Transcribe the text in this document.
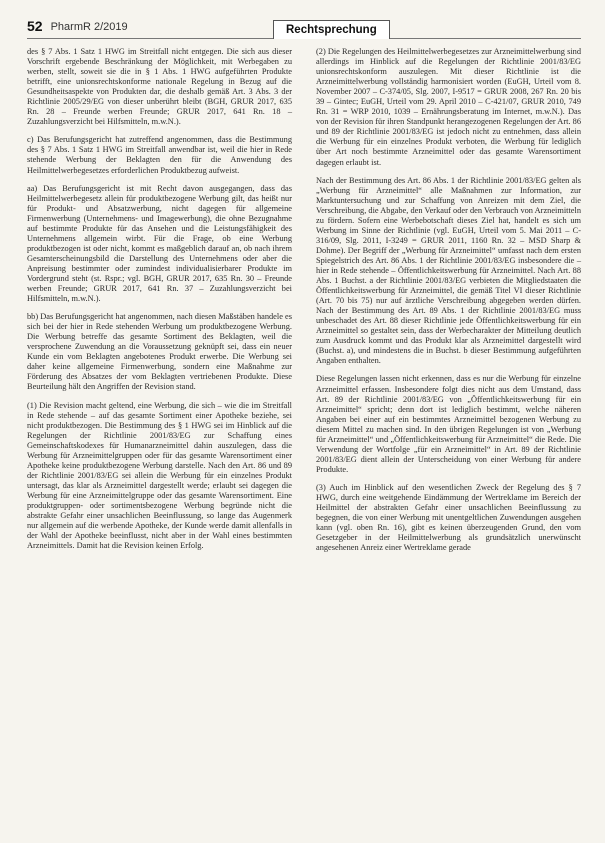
52 PharmR 2/2019	Rechtsprechung

des § 7 Abs. 1 Satz 1 HWG im Streitfall nicht entgegen. Die sich aus dieser Vorschrift ergebende Beschränkung der Möglichkeit, mit Werbegaben zu werben, stellt, soweit sie die in § 1 Abs. 1 HWG aufgeführten Produkte betrifft, eine unionsrechtskonforme nationale Regelung in Bezug auf die Gesundheitsaspekte von Produkten dar, die deshalb gemäß Art. 3 Abs. 3 der Richtlinie 2005/29/EG von dieser unberührt bleibt (BGH, GRUR 2017, 635 Rn. 28 – Freunde werben Freunde; GRUR 2017, 641 Rn. 18 – Zuzahlungsverzicht bei Hilfsmitteln, m.w.N.).

c) Das Berufungsgericht hat zutreffend angenommen, dass die Bestimmung des § 7 Abs. 1 Satz 1 HWG im Streitfall anwendbar ist, weil die hier in Rede stehende Werbung der Beklagten den für die Anwendung des Heilmittelwerbegesetzes erforderlichen Produktbezug aufweist.

aa) Das Berufungsgericht ist mit Recht davon ausgegangen, dass das Heilmittelwerbegesetz allein für produktbezogene Werbung gilt, das heißt nur für Produkt- und Absatzwerbung, nicht dagegen für allgemeine Firmenwerbung (Unternehmens- und Imagewerbung), die ohne Bezugnahme auf bestimmte Produkte für das Ansehen und die Leistungsfähigkeit des Unternehmens allgemein wirbt. Für die Frage, ob eine Werbung produktbezogen ist oder nicht, kommt es maßgeblich darauf an, ob nach ihrem Gesamterscheinungsbild die Darstellung des Unternehmens oder aber die Anpreisung bestimmter oder zumindest individualisierbarer Produkte im Vordergrund steht (st. Rspr.; vgl. BGH, GRUR 2017, 635 Rn. 30 – Freunde werben Freunde; GRUR 2017, 641 Rn. 37 – Zuzahlungsverzicht bei Hilfsmitteln, m.w.N.).

bb) Das Berufungsgericht hat angenommen, nach diesen Maßstäben handele es sich bei der hier in Rede stehenden Werbung um produktbezogene Werbung. Die Werbung betreffe das gesamte Sortiment des Beklagten, weil die versprochene Zuwendung an die Voraussetzung geknüpft sei, dass ein neuer Kunde ein vom Beklagten angebotenes Produkt erwerbe. Die Werbung sei daher keine allgemeine Firmenwerbung, sondern eine Maßnahme zur Förderung des Absatzes der vom Beklagten vertriebenen Produkte. Diese Beurteilung hält den Angriffen der Revision stand.

(1) Die Revision macht geltend, eine Werbung, die sich – wie die im Streitfall in Rede stehende – auf das gesamte Sortiment einer Apotheke beziehe, sei nicht produktbezogen. Die Bestimmung des § 1 HWG sei im Hinblick auf die Regelungen der Richtlinie 2001/83/EG zur Schaffung eines Gemeinschaftskodexes für Humanarzneimittel dahin auszulegen, dass die Werbung für Arzneimittelgruppen oder für das gesamte Warensortiment einer Apotheke keine produktbezogene Werbung darstelle. Nach den Art. 86 und 89 der Richtlinie 2001/83/EG sei allein die Werbung für ein einzelnes Produkt untersagt, das klar als Arzneimittel dargestellt werde; erlaubt sei dagegen die Werbung für eine Arzneimittelgruppe oder das gesamte Warensortiment. Eine produktgruppen- oder sortimentsbezogene Werbung begründe nicht die abstrakte Gefahr einer unsachlichen Beeinflussung, so lange das Augenmerk nur allgemein auf die werbende Apotheke, der Kunde werde damit allenfalls in der Wahl der Apotheke beeinflusst, nicht aber in der Wahl eines bestimmten Arzneimittels. Damit hat die Revision keinen Erfolg.

(2) Die Regelungen des Heilmittelwerbegesetzes zur Arzneimittelwerbung sind allerdings im Hinblick auf die Regelungen der Richtlinie 2001/83/EG unionsrechtskonform auszulegen. Mit dieser Richtlinie ist die Arzneimittelwerbung vollständig harmonisiert worden (EuGH, Urteil vom 8. November 2007 – C-374/05, Slg. 2007, I-9517 = GRUR 2008, 267 Rn. 20 bis 39 – Gintec; EuGH, Urteil vom 29. April 2010 – C-421/07, GRUR 2010, 749 Rn. 31 = WRP 2010, 1039 – Ernährungsberatung im Internet, m.w.N.). Das von der Revision für ihren Standpunkt herangezogenen Regelungen der Art. 86 und 89 der Richtlinie 2001/83/EG ist jedoch nicht zu entnehmen, dass allein die Werbung für ein einzelnes Produkt verboten, die Werbung für lediglich über Art noch bestimmte Arzneimittel oder das gesamte Warensortiment dagegen erlaubt ist.

Nach der Bestimmung des Art. 86 Abs. 1 der Richtlinie 2001/83/EG gelten als „Werbung für Arzneimittel“ alle Maßnahmen zur Information, zur Marktuntersuchung und zur Schaffung von Anreizen mit dem Ziel, die Verschreibung, die Abgabe, den Verkauf oder den Verbrauch von Arzneimitteln zu fördern. Sofern eine Werbebotschaft dieses Ziel hat, handelt es sich um Werbung im Sinne der Richtlinie (vgl. EuGH, Urteil vom 5. Mai 2011 – C-316/09, Slg. 2011, I-3249 = GRUR 2011, 1160 Rn. 32 – MSD Sharp & Dohme). Der Begriff der „Werbung für Arzneimittel“ umfasst nach dem ersten Spiegelstrich des Art. 86 Abs. 1 der Richtlinie 2001/83/EG insbesondere die – hier in Rede stehende – Öffentlichkeitswerbung für Arzneimittel. Nach Art. 88 Abs. 1 Buchst. a der Richtlinie 2001/83/EG verbieten die Mitgliedstaaten die Öffentlichkeitswerbung für Arzneimittel, die gemäß Titel VI dieser Richtlinie (Art. 70 bis 75) nur auf ärztliche Verschreibung abgegeben werden dürfen. Nach der Bestimmung des Art. 89 Abs. 1 der Richtlinie 2001/83/EG muss unbeschadet des Art. 88 dieser Richtlinie jede Öffentlichkeitswerbung für ein Arzneimittel so gestaltet sein, dass der Werbecharakter der Mitteilung deutlich zum Ausdruck kommt und das Produkt klar als Arzneimittel dargestellt wird (Buchst. a), und mindestens die in Buchst. b dieser Bestimmung aufgeführten Angaben enthalten.

Diese Regelungen lassen nicht erkennen, dass es nur die Werbung für einzelne Arzneimittel erfassen. Insbesondere folgt dies nicht aus dem Umstand, dass Art. 89 der Richtlinie 2001/83/EG von „Öffentlichkeitswerbung für ein Arzneimittel“ spricht; denn dort ist lediglich bestimmt, welche näheren Angaben bei einer auf ein bestimmtes Arzneimittel bezogenen Werbung zu diesem Mittel zu machen sind. In den übrigen Regelungen ist von „Werbung für Arzneimittel“ und „Öffentlichkeitswerbung für Arzneimittel“ die Rede. Die Verwendung der Wortfolge „für ein Arzneimittel“ in Art. 89 der Richtlinie 2001/83/EG dient allein der Unterscheidung von einer Werbung für andere Produkte.

(3) Auch im Hinblick auf den wesentlichen Zweck der Regelung des § 7 HWG, durch eine weitgehende Eindämmung der Wertreklame im Bereich der Heilmittel der abstrakten Gefahr einer unsachlichen Beeinflussung zu begegnen, die von einer Werbung mit unentgeltlichen Zuwendungen ausgehen kann (vgl. oben Rn. 16), gibt es keinen überzeugenden Grund, den vom Gesetzgeber in der Heilmittelwerbung als grundsätzlich unerwünscht angesehenen Anreiz einer Wertreklame gerade
